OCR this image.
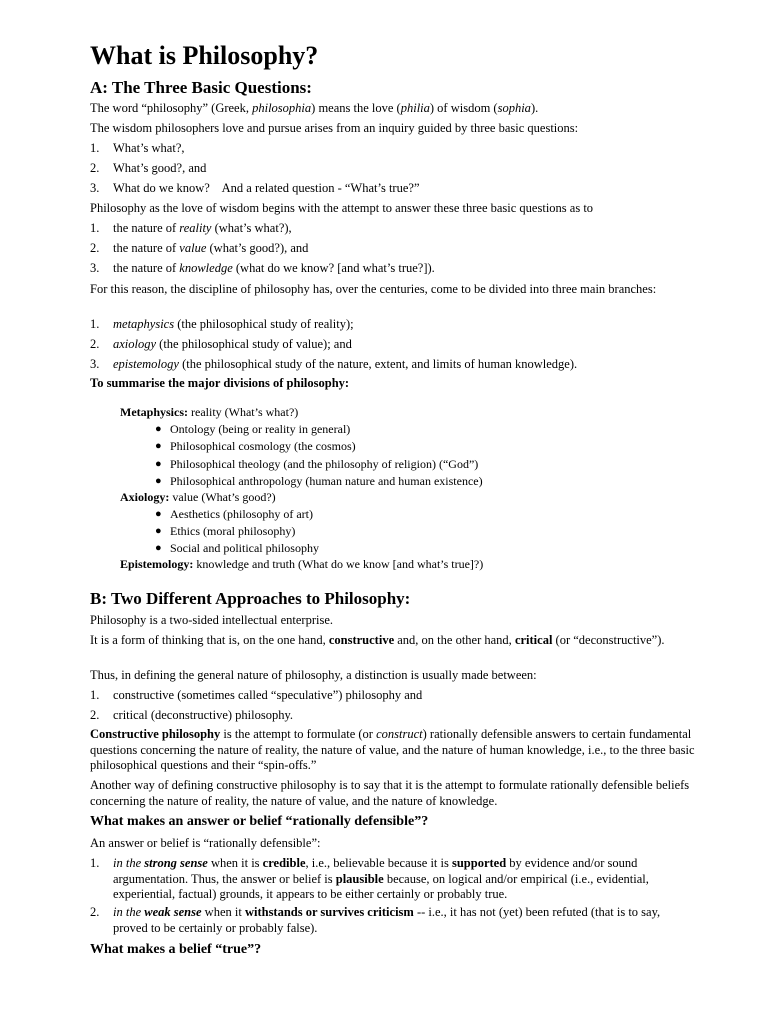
What is Philosophy?
A: The Three Basic Questions:
The word “philosophy” (Greek, philosophia) means the love (philia) of wisdom (sophia).
The wisdom philosophers love and pursue arises from an inquiry guided by three basic questions:
1. What’s what?,
2. What’s good?, and
3. What do we know?    And a related question - “What’s true?”
Philosophy as the love of wisdom begins with the attempt to answer these three basic questions as to
1. the nature of reality (what’s what?),
2. the nature of value (what’s good?), and
3. the nature of knowledge (what do we know? [and what’s true?]).
For this reason, the discipline of philosophy has, over the centuries, come to be divided into three main branches:
1. metaphysics (the philosophical study of reality);
2. axiology (the philosophical study of value); and
3. epistemology (the philosophical study of the nature, extent, and limits of human knowledge).
To summarise the major divisions of philosophy:
Metaphysics: reality (What’s what?)
● Ontology (being or reality in general)
● Philosophical cosmology (the cosmos)
● Philosophical theology (and the philosophy of religion) (“God”)
● Philosophical anthropology (human nature and human existence)
Axiology: value (What’s good?)
● Aesthetics (philosophy of art)
● Ethics (moral philosophy)
● Social and political philosophy
Epistemology: knowledge and truth (What do we know [and what’s true]?)
B: Two Different Approaches to Philosophy:
Philosophy is a two-sided intellectual enterprise.
It is a form of thinking that is, on the one hand, constructive and, on the other hand, critical (or “deconstructive”).
Thus, in defining the general nature of philosophy, a distinction is usually made between:
1. constructive (sometimes called “speculative”) philosophy and
2. critical (deconstructive) philosophy.
Constructive philosophy is the attempt to formulate (or construct) rationally defensible answers to certain fundamental questions concerning the nature of reality, the nature of value, and the nature of human knowledge, i.e., to the three basic philosophical questions and their “spin-offs.”
Another way of defining constructive philosophy is to say that it is the attempt to formulate rationally defensible beliefs concerning the nature of reality, the nature of value, and the nature of knowledge.
What makes an answer or belief “rationally defensible”?
An answer or belief is “rationally defensible”:
1. in the strong sense when it is credible, i.e., believable because it is supported by evidence and/or sound argumentation. Thus, the answer or belief is plausible because, on logical and/or empirical (i.e., evidential, experiential, factual) grounds, it appears to be either certainly or probably true.
2. in the weak sense when it withstands or survives criticism -- i.e., it has not (yet) been refuted (that is to say, proved to be certainly or probably false).
What makes a belief “true”?
